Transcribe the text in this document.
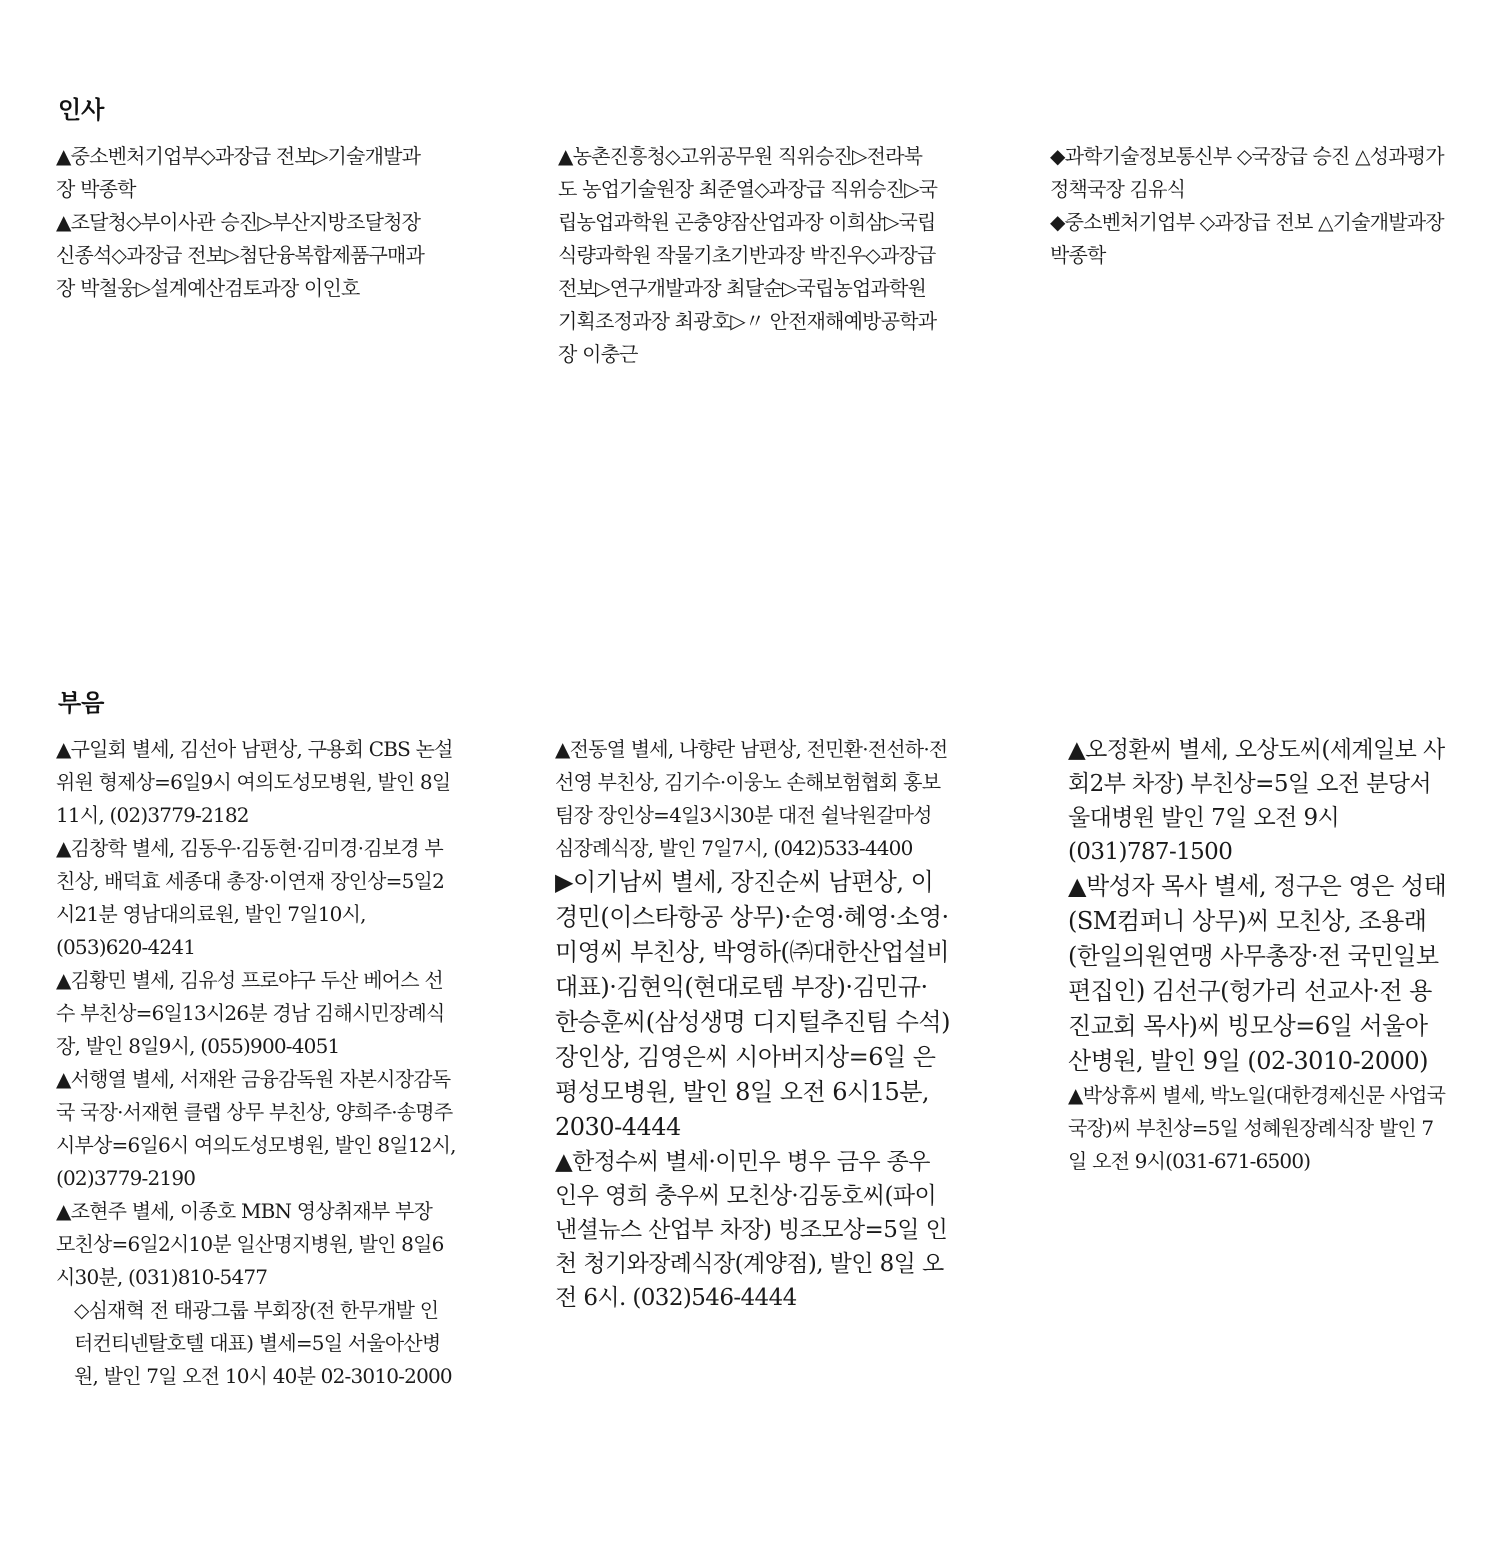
인사

▲중소벤처기업부◇과장급 전보▷기술개발과장 박종학

▲조달청◇부이사관 승진▷부산지방조달청장 신종석◇과장급 전보▷첨단융복합제품구매과장 박철웅▷설계예산검토과장 이인호

▲농촌진흥청◇고위공무원 직위승진▷전라북도 농업기술원장 최준열◇과장급 직위승진▷국립농업과학원 곤충양잠산업과장 이희삼▷국립식량과학원 작물기초기반과장 박진우◇과장급 전보▷연구개발과장 최달순▷국립농업과학원 기획조정과장 최광호▷〃 안전재해예방공학과장 이충근

◆과학기술정보통신부 ◇국장급 승진 △성과평가정책국장 김유식

◆중소벤처기업부 ◇과장급 전보 △기술개발과장 박종학

부음

▲구일회 별세, 김선아 남편상, 구용회 CBS 논설위원 형제상=6일9시 여의도성모병원, 발인 8일11시, (02)3779-2182

▲김창학 별세, 김동우·김동현·김미경·김보경 부친상, 배덕효 세종대 총장·이연재 장인상=5일2시21분 영남대의료원, 발인 7일10시, (053)620-4241

▲김황민 별세, 김유성 프로야구 두산 베어스 선수 부친상=6일13시26분 경남 김해시민장례식장, 발인 8일9시, (055)900-4051

▲서행열 별세, 서재완 금융감독원 자본시장감독국 국장·서재현 클랩 상무 부친상, 양희주·송명주 시부상=6일6시 여의도성모병원, 발인 8일12시, (02)3779-2190

▲조현주 별세, 이종호 MBN 영상취재부 부장 모친상=6일2시10분 일산명지병원, 발인 8일6시30분, (031)810-5477

◇심재혁 전 태광그룹 부회장(전 한무개발 인터컨티넨탈호텔 대표) 별세=5일 서울아산병원, 발인 7일 오전 10시 40분 02-3010-2000

▲전동열 별세, 나향란 남편상, 전민환·전선하·전선영 부친상, 김기수·이웅노 손해보험협회 홍보팀장 장인상=4일3시30분 대전 쉴낙원갈마성심장례식장, 발인 7일7시, (042)533-4400

▶이기남씨 별세, 장진순씨 남편상, 이경민(이스타항공 상무)·순영·혜영·소영·미영씨 부친상, 박영하(㈜대한산업설비 대표)·김현익(현대로템 부장)·김민규·한승훈씨(삼성생명 디지털추진팀 수석) 장인상, 김영은씨 시아버지상=6일 은평성모병원, 발인 8일 오전 6시15분, 2030-4444

▲한정수씨 별세·이민우 병우 금우 종우 인우 영희 충우씨 모친상·김동호씨(파이낸셜뉴스 산업부 차장) 빙조모상=5일 인천 청기와장례식장(계양점), 발인 8일 오전 6시. (032)546-4444

▲오정환씨 별세, 오상도씨(세계일보 사회2부 차장) 부친상=5일 오전 분당서울대병원 발인 7일 오전 9시 (031)787-1500

▲박성자 목사 별세, 정구은 영은 성태(SM컴퍼니 상무)씨 모친상, 조용래(한일의원연맹 사무총장·전 국민일보 편집인) 김선구(헝가리 선교사·전 용진교회 목사)씨 빙모상=6일 서울아산병원, 발인 9일 (02-3010-2000)

▲박상휴씨 별세, 박노일(대한경제신문 사업국 국장)씨 부친상=5일 성혜원장례식장 발인 7일 오전 9시(031-671-6500)
